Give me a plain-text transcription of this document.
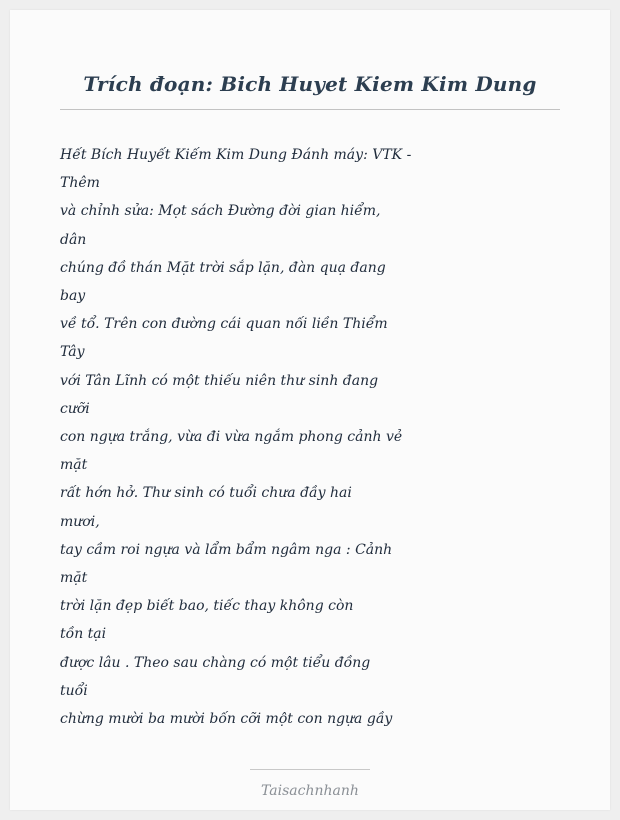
Trích đoạn: Bich Huyet Kiem Kim Dung
Hết Bích Huyết Kiếm Kim Dung Đánh máy: VTK -
Thêm
và chỉnh sửa: Mọt sách Đường đời gian hiểm,
dân
chúng đồ thán Mặt trời sắp lặn, đàn quạ đang
bay
về tổ. Trên con đường cái quan nối liền Thiểm
Tây
với Tân Lĩnh có một thiếu niên thư sinh đang
cưỡi
con ngựa trắng, vừa đi vừa ngắm phong cảnh vẻ
mặt
rất hớn hở. Thư sinh có tuổi chưa đầy hai
mươi,
tay cầm roi ngựa và lẩm bẩm ngâm nga : Cảnh
mặt
trời lặn đẹp biết bao, tiếc thay không còn
tồn tại
được lâu . Theo sau chàng có một tiểu đồng
tuổi
chừng mười ba mười bốn cỡi một con ngựa gầy
Taisachnhanh
